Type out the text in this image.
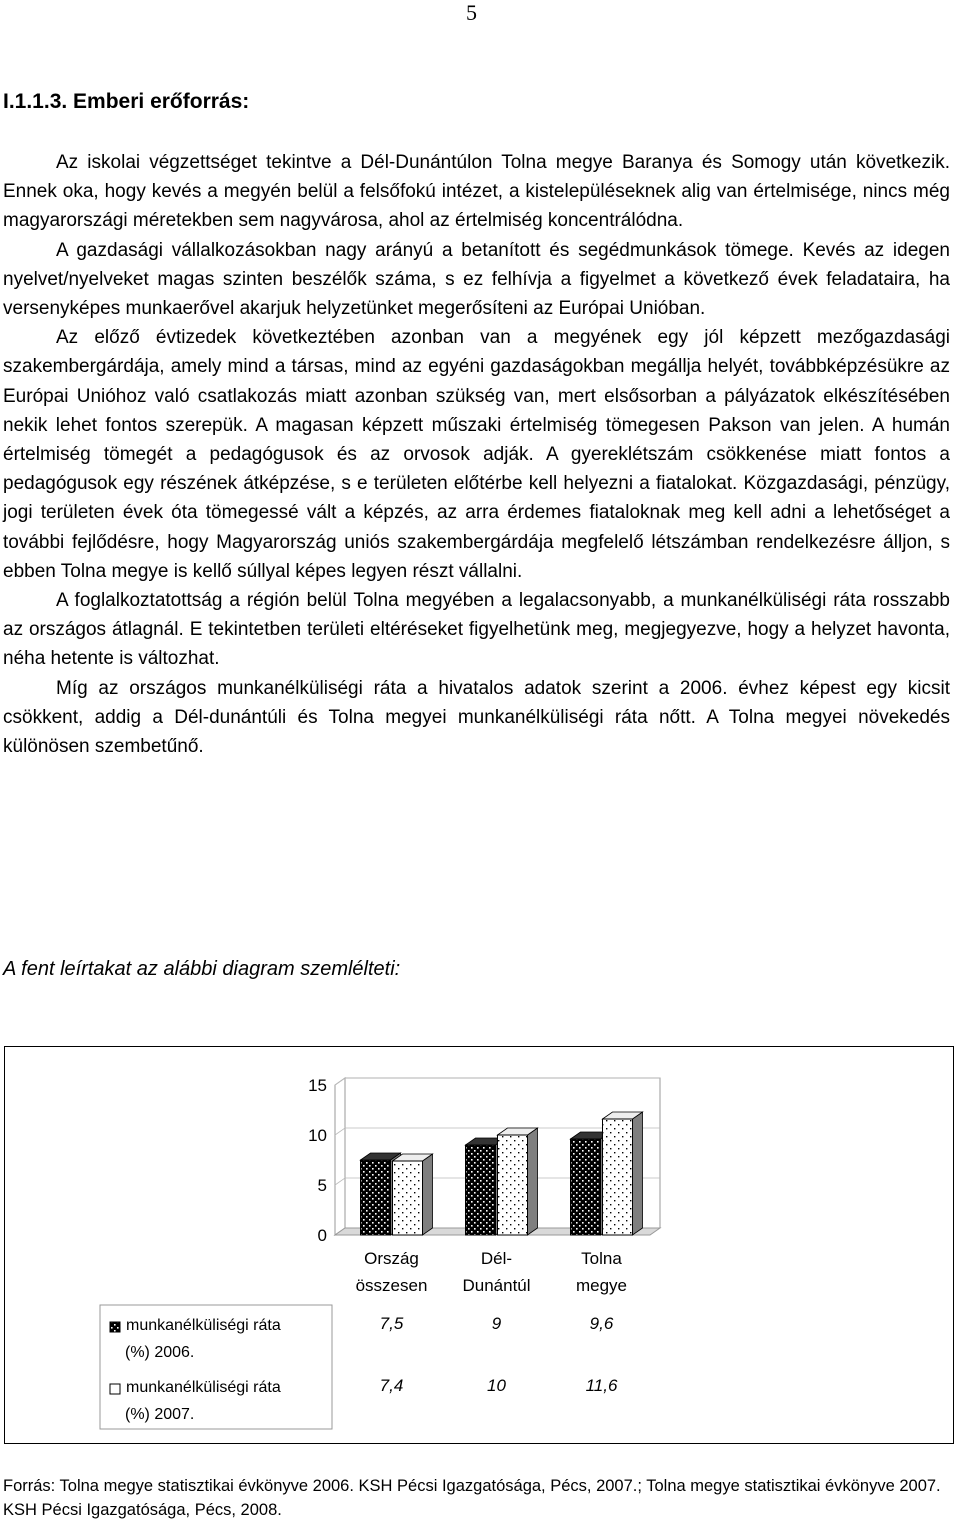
5
I.1.1.3. Emberi erőforrás:

Az iskolai végzettséget tekintve a Dél-Dunántúlon Tolna megye Baranya és Somogy után következik. Ennek oka, hogy kevés a megyén belül a felsőfokú intézet, a kistelepüléseknek alig van értelmisége, nincs még magyarországi méretekben sem nagyvárosa, ahol az értelmiség koncentrálódna.

A gazdasági vállalkozásokban nagy arányú a betanított és segédmunkások tömege. Kevés az idegen nyelvet/nyelveket magas szinten beszélők száma, s ez felhívja a figyelmet a következő évek feladataira, ha versenyképes munkaerővel akarjuk helyzetünket megerősíteni az Európai Unióban.

Az előző évtizedek következtében azonban van a megyének egy jól képzett mezőgazdasági szakembergárdája, amely mind a társas, mind az egyéni gazdaságokban megállja helyét, továbbképzésükre az Európai Unióhoz való csatlakozás miatt azonban szükség van, mert elsősorban a pályázatok elkészítésében nekik lehet fontos szerepük. A magasan képzett műszaki értelmiség tömegesen Pakson van jelen. A humán értelmiség tömegét a pedagógusok és az orvosok adják. A gyereklétszám csökkenése miatt fontos a pedagógusok egy részének átképzése, s e területen előtérbe kell helyezni a fiatalokat. Közgazdasági, pénzügy, jogi területen évek óta tömegessé vált a képzés, az arra érdemes fiataloknak meg kell adni a lehetőséget a további fejlődésre, hogy Magyarország uniós szakembergárdája megfelelő létszámban rendelkezésre álljon, s ebben Tolna megye is kellő súllyal képes legyen részt vállalni.

A foglalkoztatottság a régión belül Tolna megyében a legalacsonyabb, a munkanélküliségi ráta rosszabb az országos átlagnál. E tekintetben területi eltéréseket figyelhetünk meg, megjegyezve, hogy a helyzet havonta, néha hetente is változhat.

Míg az országos munkanélküliségi ráta a hivatalos adatok szerint a 2006. évhez képest egy kicsit csökkent, addig a Dél-dunántúli és Tolna megyei munkanélküliségi ráta nőtt. A Tolna megyei növekedés különösen szembetűnő.

A fent leírtakat az alábbi diagram szemlélteti:
15
10
5
0
Ország összesen
Dél-Dunántúl
Tolna megye
munkanélküliségi ráta (%) 2006.
7,5	9	9,6
munkanélküliségi ráta (%) 2007.
7,4	10	11,6
Forrás: Tolna megye statisztikai évkönyve 2006. KSH Pécsi Igazgatósága, Pécs, 2007.; Tolna megye statisztikai évkönyve 2007. KSH Pécsi Igazgatósága, Pécs, 2008.
